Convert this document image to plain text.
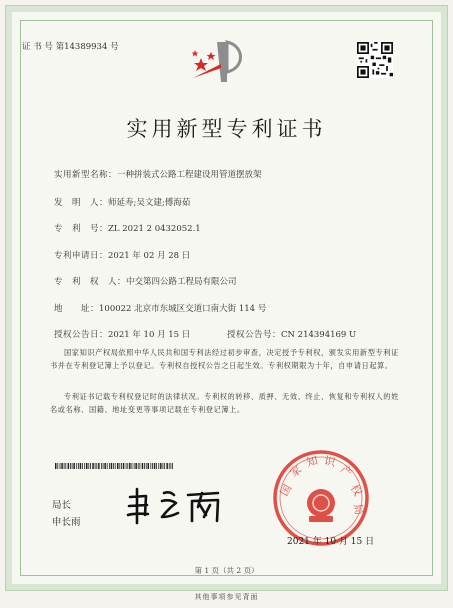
证 书 号 第14389934 号
实用新型专利证书
实用新型名称：一种拼装式公路工程建设用管道摆放架
发　明　人：师延寿;吴文建;傅海茹
专　利　号：ZL 2021 2 0432052.1
专利申请日：2021 年 02 月 28 日
专　利　权　人：中交第四公路工程局有限公司
地　　址：100022 北京市东城区交道口南大街 114 号
授权公告日：2021 年 10 月 15 日	授权公告号：CN 214394169 U

国家知识产权局依照中华人民共和国专利法经过初步审查，决定授予专利权，颁发实用新型专利证书并在专利登记簿上予以登记。专利权自授权公告之日起生效。专利权期限为十年，自申请日起算。

专利证书记载专利权登记时的法律状况。专利权的转移、质押、无效、终止、恢复和专利权人的姓名或名称、国籍、地址变更等事项记载在专利登记簿上。

局长
申长雨
国
家
知 识
产
权
局
2021 年 10 月 15 日
第 1 页（共 2 页）
其他事项参见背面
